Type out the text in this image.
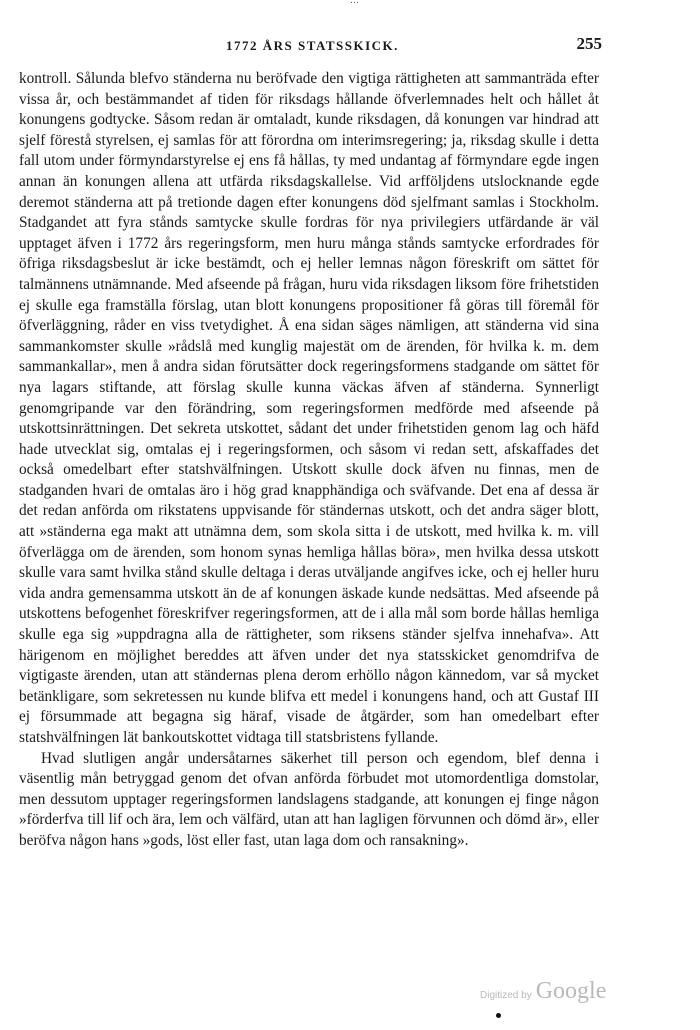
…
1772 ÅRS STATSSKICK.	255

kontroll. Sålunda blefvo ständerna nu beröfvade den vigtiga rättigheten att sammanträda efter vissa år, och bestämmandet af tiden för riksdags hållande öfverlemnades helt och hållet åt konungens godtycke. Såsom redan är omtaladt, kunde riksdagen, då konungen var hindrad att sjelf förestå styrelsen, ej samlas för att förordna om interimsregering; ja, riksdag skulle i detta fall utom under förmyndarstyrelse ej ens få hållas, ty med undantag af förmyndare egde ingen annan än konungen allena att utfärda riksdagskallelse. Vid arfföljdens utslocknande egde deremot ständerna att på tretionde dagen efter konungens död sjelfmant samlas i Stockholm. Stadgandet att fyra stånds samtycke skulle fordras för nya privilegiers utfärdande är väl upptaget äfven i 1772 års regeringsform, men huru många stånds samtycke erfordrades för öfriga riksdagsbeslut är icke bestämdt, och ej heller lemnas någon föreskrift om sättet för talmännens utnämnande. Med afseende på frågan, huru vida riksdagen liksom före frihetstiden ej skulle ega framställa förslag, utan blott konungens propositioner få göras till föremål för öfverläggning, råder en viss tvetydighet. Å ena sidan säges nämligen, att ständerna vid sina sammankomster skulle »rådslå med kunglig majestät om de ärenden, för hvilka k. m. dem sammankallar», men å andra sidan förutsätter dock regeringsformens stadgande om sättet för nya lagars stiftande, att förslag skulle kunna väckas äfven af ständerna. Synnerligt genomgripande var den förändring, som regeringsformen medförde med afseende på utskottsinrättningen. Det sekreta utskottet, sådant det under frihetstiden genom lag och häfd hade utvecklat sig, omtalas ej i regeringsformen, och såsom vi redan sett, afskaffades det också omedelbart efter statshvälfningen. Utskott skulle dock äfven nu finnas, men de stadganden hvari de omtalas äro i hög grad knapphändiga och sväfvande. Det ena af dessa är det redan anförda om rikstatens uppvisande för ständernas utskott, och det andra säger blott, att »ständerna ega makt att utnämna dem, som skola sitta i de utskott, med hvilka k. m. vill öfverlägga om de ärenden, som honom synas hemliga hållas böra», men hvilka dessa utskott skulle vara samt hvilka stånd skulle deltaga i deras utväljande angifves icke, och ej heller huru vida andra gemensamma utskott än de af konungen äskade kunde nedsättas. Med afseende på utskottens befogenhet föreskrifver regeringsformen, att de i alla mål som borde hållas hemliga skulle ega sig »uppdragna alla de rättigheter, som riksens ständer sjelfva innehafva». Att härigenom en möjlighet bereddes att äfven under det nya statsskicket genomdrifva de vigtigaste ärenden, utan att ständernas plena derom erhöllo någon kännedom, var så mycket betänkligare, som sekretessen nu kunde blifva ett medel i konungens hand, och att Gustaf III ej försummade att begagna sig häraf, visade de åtgärder, som han omedelbart efter statshvälfningen lät bankoutskottet vidtaga till statsbristens fyllande.

Hvad slutligen angår undersåtarnes säkerhet till person och egendom, blef denna i väsentlig mån betryggad genom det ofvan anförda förbudet mot utomordentliga domstolar, men dessutom upptager regeringsformen landslagens stadgande, att konungen ej finge någon »förderfva till lif och ära, lem och välfärd, utan att han lagligen förvunnen och dömd är», eller beröfva någon hans »gods, löst eller fast, utan laga dom och ransakning».

Digitized by Google
